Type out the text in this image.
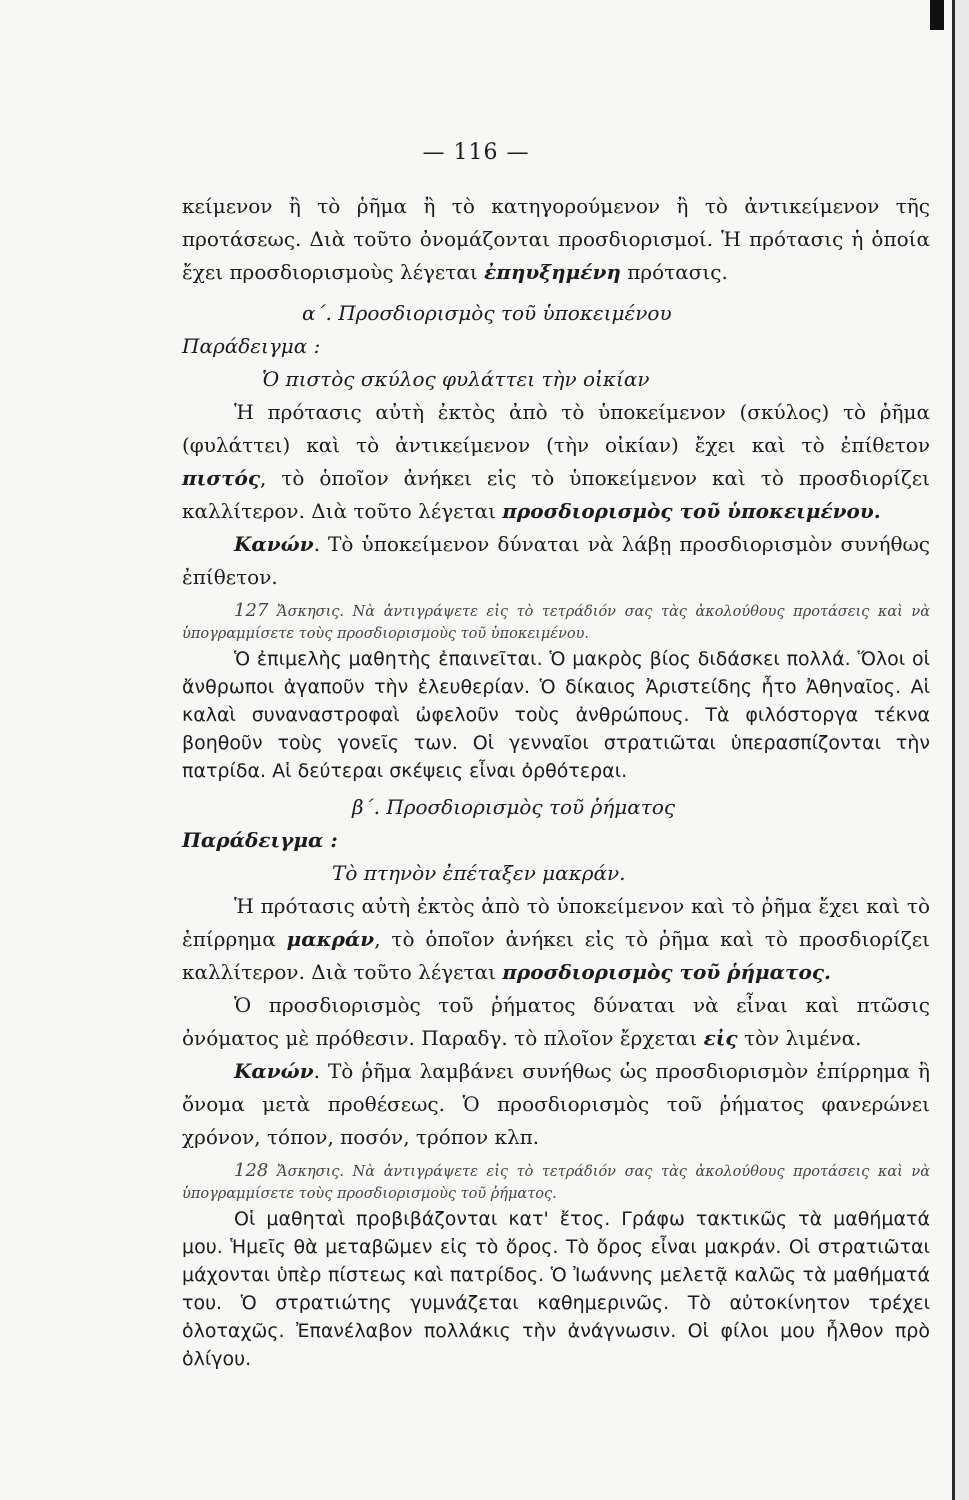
— 116 —

κείμενον ἢ τὸ ῥῆμα ἢ τὸ κατηγορούμενον ἢ τὸ ἀντικείμενον τῆς προτάσεως. Διὰ τοῦτο ὀνομάζονται προσδιορισμοί. Ἡ πρότασις ἡ ὁποία ἔχει προσδιορισμοὺς λέγεται ἐπηυξημένη πρότασις.

α΄. Προσδιορισμὸς τοῦ ὑποκειμένου

Παράδειγμα :

Ὁ πιστὸς σκύλος φυλάττει τὴν οἰκίαν

Ἡ πρότασις αὐτὴ ἐκτὸς ἀπὸ τὸ ὑποκείμενον (σκύλος) τὸ ῥῆμα (φυλάττει) καὶ τὸ ἀντικείμενον (τὴν οἰκίαν) ἔχει καὶ τὸ ἐπίθετον πιστός, τὸ ὁποῖον ἀνήκει εἰς τὸ ὑποκείμενον καὶ τὸ προσδιορίζει καλλίτερον. Διὰ τοῦτο λέγεται προσδιορισμὸς τοῦ ὑποκειμένου.

Κανών. Τὸ ὑποκείμενον δύναται νὰ λάβῃ προσδιορισμὸν συνήθως ἐπίθετον.

127 Ἄσκησις. Νὰ ἀντιγράψετε εἰς τὸ τετράδιόν σας τὰς ἀκολούθους προτάσεις καὶ νὰ ὑπογραμμίσετε τοὺς προσδιορισμοὺς τοῦ ὑποκειμένου.

Ὁ ἐπιμελὴς μαθητὴς ἐπαινεῖται. Ὁ μακρὸς βίος διδάσκει πολλά. Ὅλοι οἱ ἄνθρωποι ἀγαποῦν τὴν ἐλευθερίαν. Ὁ δίκαιος Ἀριστείδης ἦτο Ἀθηναῖος. Αἱ καλαὶ συναναστροφαὶ ὠφελοῦν τοὺς ἀνθρώπους. Τὰ φιλόστοργα τέκνα βοηθοῦν τοὺς γονεῖς των. Οἱ γενναῖοι στρατιῶται ὑπερασπίζονται τὴν πατρίδα. Αἱ δεύτεραι σκέψεις εἶναι ὀρθότεραι.

β΄. Προσδιορισμὸς τοῦ ῥήματος

Παράδειγμα :

Τὸ πτηνὸν ἐπέταξεν μακράν.

Ἡ πρότασις αὐτὴ ἐκτὸς ἀπὸ τὸ ὑποκείμενον καὶ τὸ ῥῆμα ἔχει καὶ τὸ ἐπίρρημα μακράν, τὸ ὁποῖον ἀνήκει εἰς τὸ ῥῆμα καὶ τὸ προσδιορίζει καλλίτερον. Διὰ τοῦτο λέγεται προσδιορισμὸς τοῦ ῥήματος.

Ὁ προσδιορισμὸς τοῦ ῥήματος δύναται νὰ εἶναι καὶ πτῶσις ὀνόματος μὲ πρόθεσιν. Παραδγ. τὸ πλοῖον ἔρχεται εἰς τὸν λιμένα.

Κανών. Τὸ ῥῆμα λαμβάνει συνήθως ὡς προσδιορισμὸν ἐπίρρημα ἢ ὄνομα μετὰ προθέσεως. Ὁ προσδιορισμὸς τοῦ ῥήματος φανερώνει χρόνον, τόπον, ποσόν, τρόπον κλπ.

128 Ἄσκησις. Νὰ ἀντιγράψετε εἰς τὸ τετράδιόν σας τὰς ἀκολούθους προτάσεις καὶ νὰ ὑπογραμμίσετε τοὺς προσδιορισμοὺς τοῦ ῥήματος.

Οἱ μαθηταὶ προβιβάζονται κατ' ἔτος. Γράφω τακτικῶς τὰ μαθήματά μου. Ἡμεῖς θὰ μεταβῶμεν εἰς τὸ ὄρος. Τὸ ὄρος εἶναι μακράν. Οἱ στρατιῶται μάχονται ὑπὲρ πίστεως καὶ πατρίδος. Ὁ Ἰωάννης μελετᾷ καλῶς τὰ μαθήματά του. Ὁ στρατιώτης γυμνάζεται καθημερινῶς. Τὸ αὐτοκίνητον τρέχει ὁλοταχῶς. Ἐπανέλαβον πολλάκις τὴν ἀνάγνωσιν. Οἱ φίλοι μου ἦλθον πρὸ ὀλίγου.
